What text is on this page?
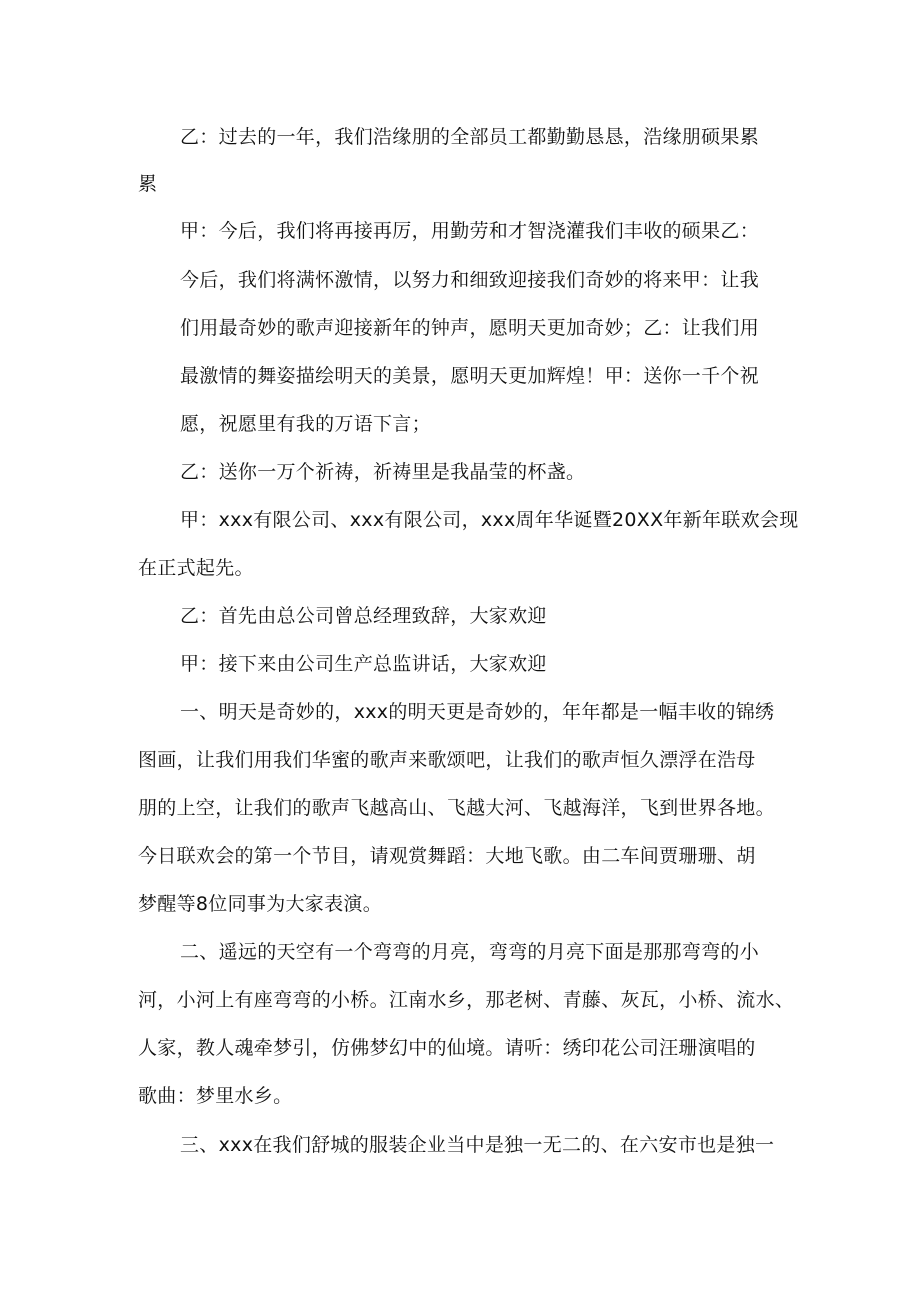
乙：过去的一年，我们浩缘朋的全部员工都勤勤恳恳，浩缘朋硕果累
累
甲：今后，我们将再接再厉，用勤劳和才智浇灌我们丰收的硕果乙：
今后，我们将满怀激情，以努力和细致迎接我们奇妙的将来甲：让我
们用最奇妙的歌声迎接新年的钟声，愿明天更加奇妙；乙：让我们用
最激情的舞姿描绘明天的美景，愿明天更加辉煌！甲：送你一千个祝
愿，祝愿里有我的万语下言；
乙：送你一万个祈祷，祈祷里是我晶莹的杯盏。
甲：xxx有限公司、xxx有限公司，xxx周年华诞暨20XX年新年联欢会现
在正式起先。
乙：首先由总公司曾总经理致辞，大家欢迎
甲：接下来由公司生产总监讲话，大家欢迎
一、明天是奇妙的，xxx的明天更是奇妙的，年年都是一幅丰收的锦绣
图画，让我们用我们华蜜的歌声来歌颂吧，让我们的歌声恒久漂浮在浩母
朋的上空，让我们的歌声飞越高山、飞越大河、飞越海洋，飞到世界各地。
今日联欢会的第一个节目，请观赏舞蹈：大地飞歌。由二车间贾珊珊、胡
梦醒等8位同事为大家表演。
二、遥远的天空有一个弯弯的月亮，弯弯的月亮下面是那那弯弯的小
河，小河上有座弯弯的小桥。江南水乡，那老树、青藤、灰瓦，小桥、流水、
人家，教人魂牵梦引，仿佛梦幻中的仙境。请听：绣印花公司汪珊演唱的
歌曲：梦里水乡。
三、xxx在我们舒城的服装企业当中是独一无二的、在六安市也是独一
